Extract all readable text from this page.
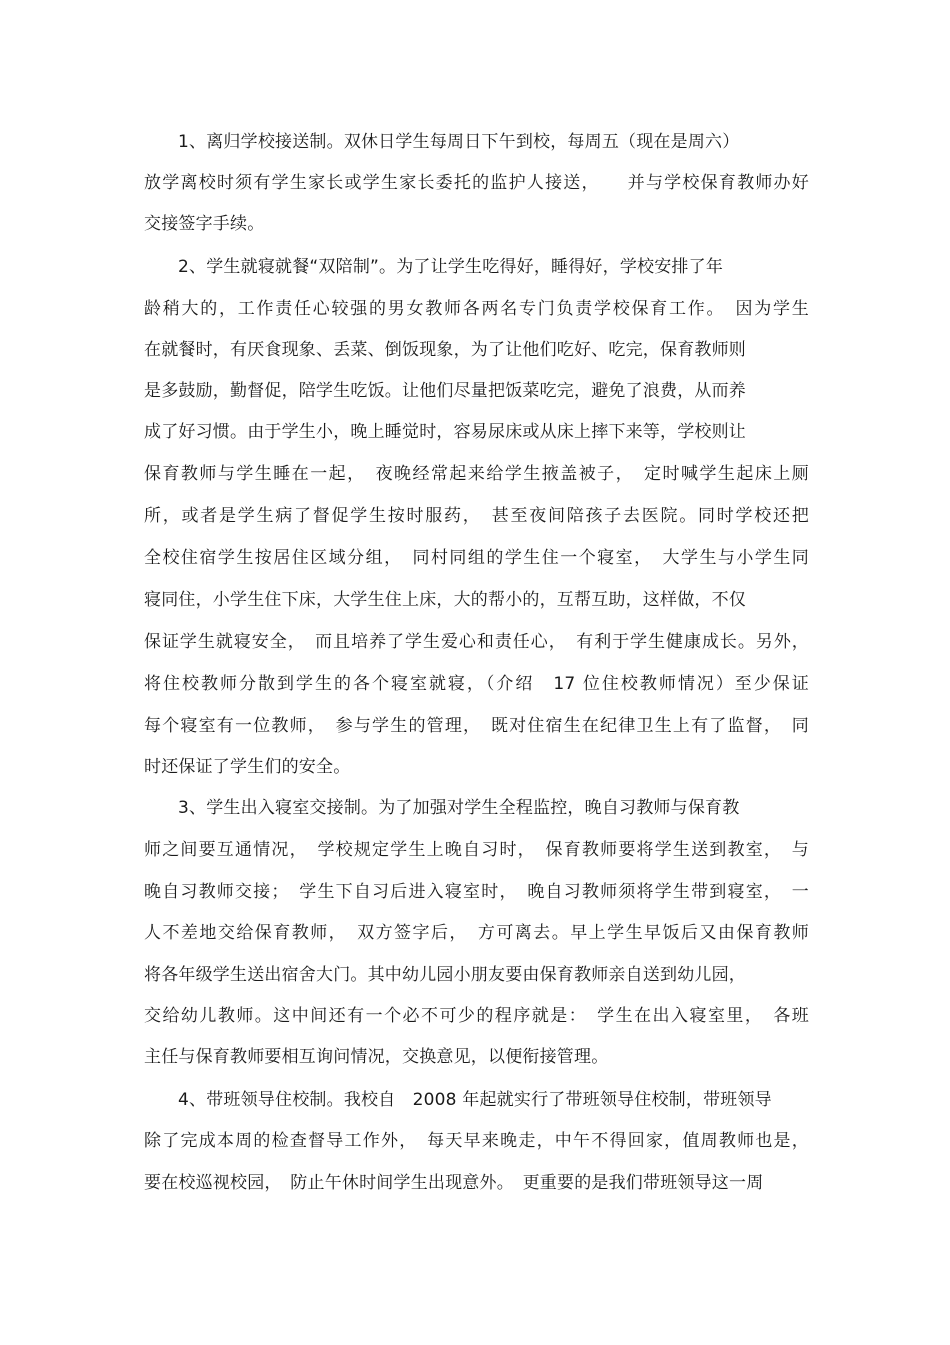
1、离归学校接送制。双休日学生每周日下午到校，每周五（现在是周六）
放学离校时须有学生家长或学生家长委托的监护人接送，　　并与学校保育教师办好
交接签字手续。
2、学生就寝就餐“双陪制”。为了让学生吃得好，睡得好，学校安排了年
龄稍大的，工作责任心较强的男女教师各两名专门负责学校保育工作。　因为学生
在就餐时，有厌食现象、丢菜、倒饭现象，为了让他们吃好、吃完，保育教师则
是多鼓励，勤督促，陪学生吃饭。让他们尽量把饭菜吃完，避免了浪费，从而养
成了好习惯。由于学生小，晚上睡觉时，容易尿床或从床上摔下来等，学校则让
保育教师与学生睡在一起，　夜晚经常起来给学生掖盖被子，　定时喊学生起床上厕
所，或者是学生病了督促学生按时服药，　甚至夜间陪孩子去医院。同时学校还把
全校住宿学生按居住区域分组，　同村同组的学生住一个寝室，　大学生与小学生同
寝同住，小学生住下床，大学生住上床，大的帮小的，互帮互助，这样做，不仅
保证学生就寝安全，　而且培养了学生爱心和责任心，　有利于学生健康成长。另外，
将住校教师分散到学生的各个寝室就寝，（介绍　17 位住校教师情况）至少保证
每个寝室有一位教师，　参与学生的管理，　既对住宿生在纪律卫生上有了监督，　同
时还保证了学生们的安全。
3、学生出入寝室交接制。为了加强对学生全程监控，晚自习教师与保育教
师之间要互通情况，　学校规定学生上晚自习时，　保育教师要将学生送到教室，　与
晚自习教师交接；　学生下自习后进入寝室时，　晚自习教师须将学生带到寝室，　一
人不差地交给保育教师，　双方签字后，　方可离去。早上学生早饭后又由保育教师
将各年级学生送出宿舍大门。其中幼儿园小朋友要由保育教师亲自送到幼儿园，
交给幼儿教师。这中间还有一个必不可少的程序就是：　学生在出入寝室里，　各班
主任与保育教师要相互询问情况，交换意见，以便衔接管理。
4、带班领导住校制。我校自　2008 年起就实行了带班领导住校制，带班领导
除了完成本周的检查督导工作外，　每天早来晚走，中午不得回家，值周教师也是，
要在校巡视校园，　防止午休时间学生出现意外。　更重要的是我们带班领导这一周
